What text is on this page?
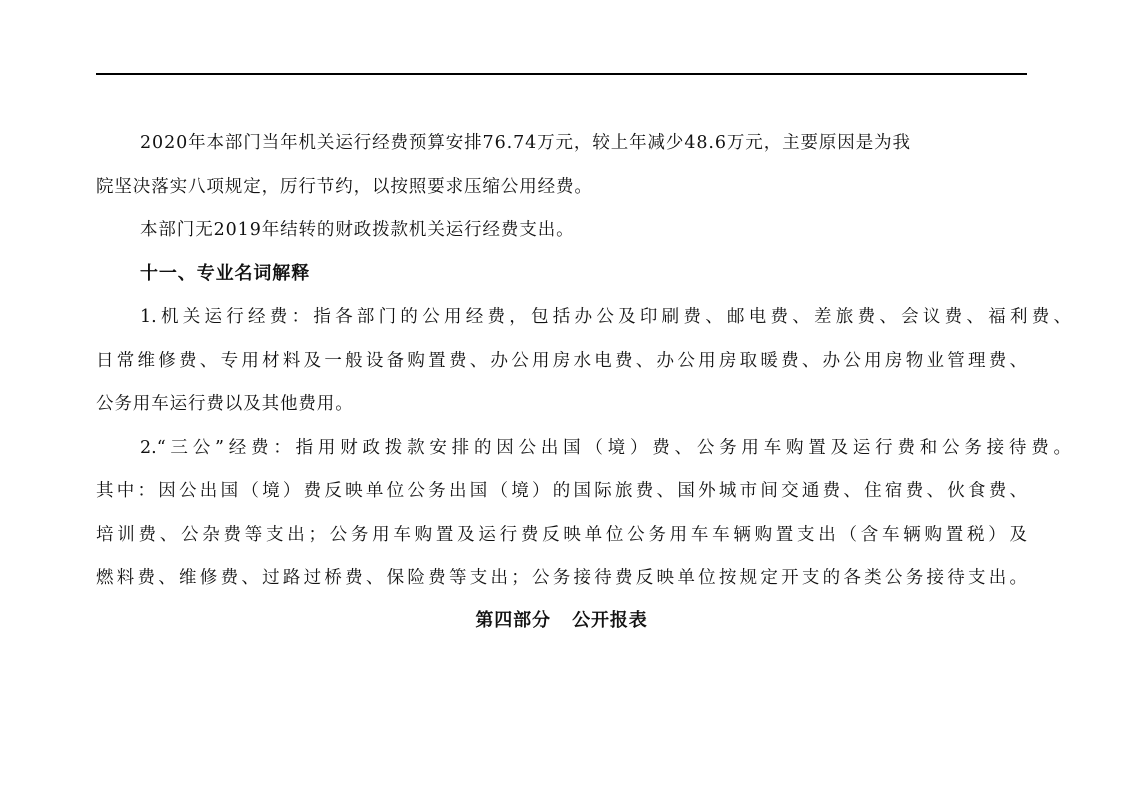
2020年本部门当年机关运行经费预算安排76.74万元，较上年减少48.6万元，主要原因是为我
院坚决落实八项规定，厉行节约，以按照要求压缩公用经费。
本部门无2019年结转的财政拨款机关运行经费支出。
十一、专业名词解释
1.机关运行经费：指各部门的公用经费，包括办公及印刷费、邮电费、差旅费、会议费、福利费、
日常维修费、专用材料及一般设备购置费、办公用房水电费、办公用房取暖费、办公用房物业管理费、
公务用车运行费以及其他费用。
2.“三公”经费：指用财政拨款安排的因公出国（境）费、公务用车购置及运行费和公务接待费。
其中：因公出国（境）费反映单位公务出国（境）的国际旅费、国外城市间交通费、住宿费、伙食费、
培训费、公杂费等支出；公务用车购置及运行费反映单位公务用车车辆购置支出（含车辆购置税）及
燃料费、维修费、过路过桥费、保险费等支出；公务接待费反映单位按规定开支的各类公务接待支出。
第四部分 公开报表
